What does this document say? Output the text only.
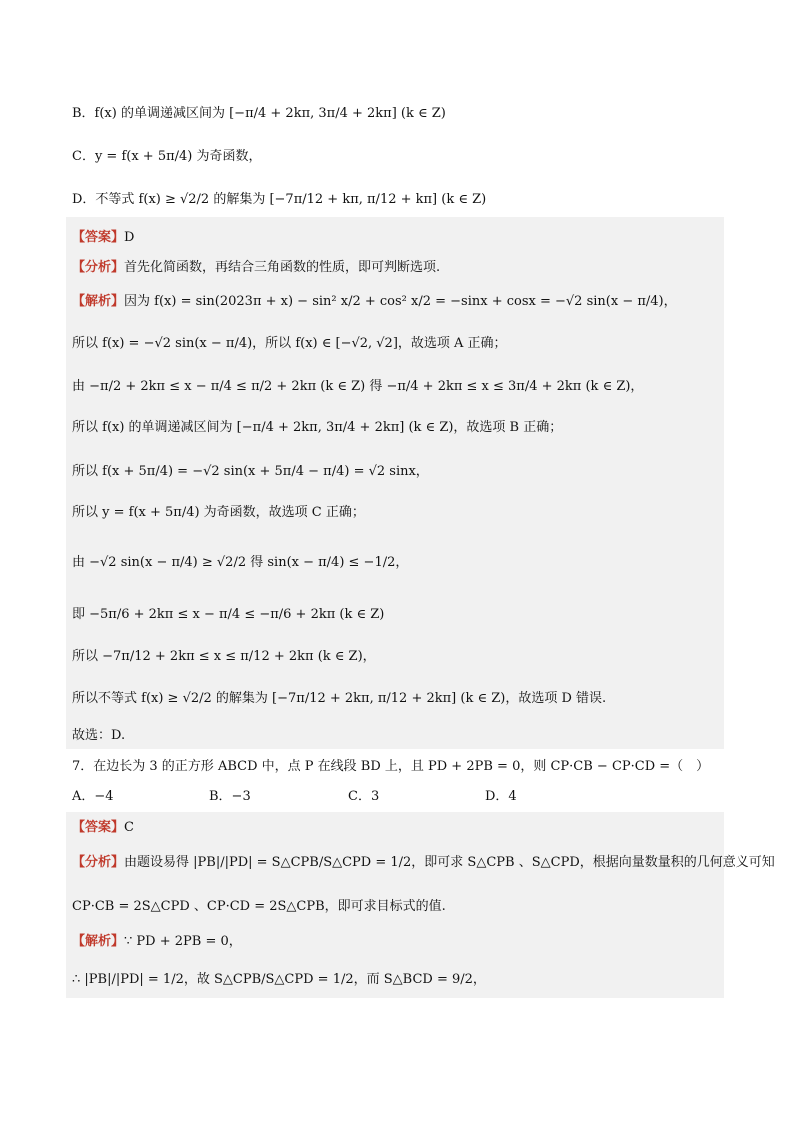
B．f(x) 的单调递减区间为 [−π/4 + 2kπ, 3π/4 + 2kπ] (k ∈ Z)
C．y = f(x + 5π/4) 为奇函数，
D．不等式 f(x) ≥ √2/2 的解集为 [−7π/12 + kπ, π/12 + kπ] (k ∈ Z)
【答案】D
【分析】首先化简函数，再结合三角函数的性质，即可判断选项.
【解析】因为 f(x) = sin(2023π + x) − sin² x/2 + cos² x/2 = −sinx + cosx = −√2 sin(x − π/4)，
所以 f(x) = −√2 sin(x − π/4)，所以 f(x) ∈ [−√2, √2]，故选项 A 正确；
由 −π/2 + 2kπ ≤ x − π/4 ≤ π/2 + 2kπ (k ∈ Z) 得 −π/4 + 2kπ ≤ x ≤ 3π/4 + 2kπ (k ∈ Z)，
所以 f(x) 的单调递减区间为 [−π/4 + 2kπ, 3π/4 + 2kπ] (k ∈ Z)，故选项 B 正确；
所以 f(x + 5π/4) = −√2 sin(x + 5π/4 − π/4) = √2 sinx，
所以 y = f(x + 5π/4) 为奇函数，故选项 C 正确；
由 −√2 sin(x − π/4) ≥ √2/2 得 sin(x − π/4) ≤ −1/2，
即 −5π/6 + 2kπ ≤ x − π/4 ≤ −π/6 + 2kπ (k ∈ Z)
所以 −7π/12 + 2kπ ≤ x ≤ π/12 + 2kπ (k ∈ Z)，
所以不等式 f(x) ≥ √2/2 的解集为 [−7π/12 + 2kπ, π/12 + 2kπ] (k ∈ Z)，故选项 D 错误.
故选：D.
7．在边长为 3 的正方形 ABCD 中，点 P 在线段 BD 上，且 PD + 2PB = 0，则 CP·CB − CP·CD =（　）
A．−4	B．−3	C．3	D．4
【答案】C
【分析】由题设易得 |PB|/|PD| = S△CPB/S△CPD = 1/2，即可求 S△CPB 、S△CPD，根据向量数量积的几何意义可知
CP·CB = 2S△CPD 、CP·CD = 2S△CPB，即可求目标式的值.
【解析】∵ PD + 2PB = 0，
∴ |PB|/|PD| = 1/2，故 S△CPB/S△CPD = 1/2，而 S△BCD = 9/2，
